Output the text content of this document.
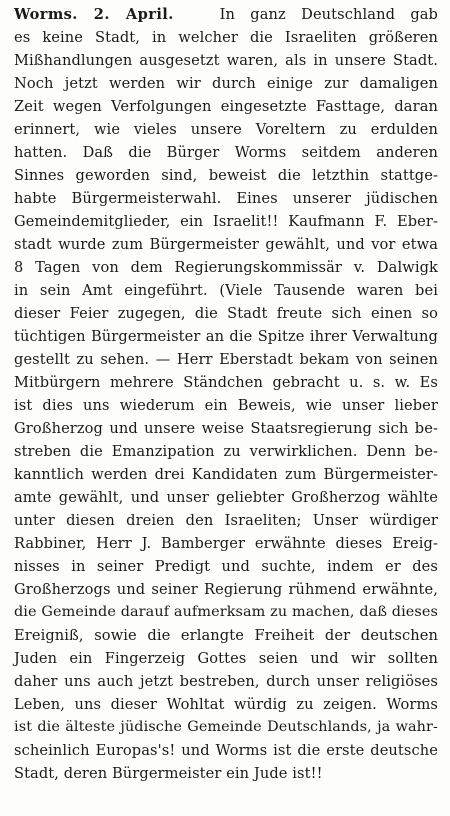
Worms. 2. April.	In ganz Deutschland gab
es keine Stadt, in welcher die Israeliten größeren
Mißhandlungen ausgesetzt waren, als in unsere Stadt.
Noch jetzt werden wir durch einige zur damaligen
Zeit wegen Verfolgungen eingesetzte Fasttage, daran
erinnert, wie vieles unsere Voreltern zu erdulden
hatten. Daß die Bürger Worms seitdem anderen
Sinnes geworden sind, beweist die letzthin stattge-
habte Bürgermeisterwahl. Eines unserer jüdischen
Gemeindemitglieder, ein Israelit!! Kaufmann F. Eber-
stadt wurde zum Bürgermeister gewählt, und vor etwa
8 Tagen von dem Regierungskommissär v. Dalwigk
in sein Amt eingeführt. (Viele Tausende waren bei
dieser Feier zugegen, die Stadt freute sich einen so
tüchtigen Bürgermeister an die Spitze ihrer Verwaltung
gestellt zu sehen. — Herr Eberstadt bekam von seinen
Mitbürgern mehrere Ständchen gebracht u. s. w. Es
ist dies uns wiederum ein Beweis, wie unser lieber
Großherzog und unsere weise Staatsregierung sich be-
streben die Emanzipation zu verwirklichen. Denn be-
kanntlich werden drei Kandidaten zum Bürgermeister-
amte gewählt, und unser geliebter Großherzog wählte
unter diesen dreien den Israeliten; Unser würdiger
Rabbiner, Herr J. Bamberger erwähnte dieses Ereig-
nisses in seiner Predigt und suchte, indem er des
Großherzogs und seiner Regierung rühmend erwähnte,
die Gemeinde darauf aufmerksam zu machen, daß dieses
Ereigniß, sowie die erlangte Freiheit der deutschen
Juden ein Fingerzeig Gottes seien und wir sollten
daher uns auch jetzt bestreben, durch unser religiöses
Leben, uns dieser Wohltat würdig zu zeigen. Worms
ist die älteste jüdische Gemeinde Deutschlands, ja wahr-
scheinlich Europas's! und Worms ist die erste deutsche
Stadt, deren Bürgermeister ein Jude ist!!
